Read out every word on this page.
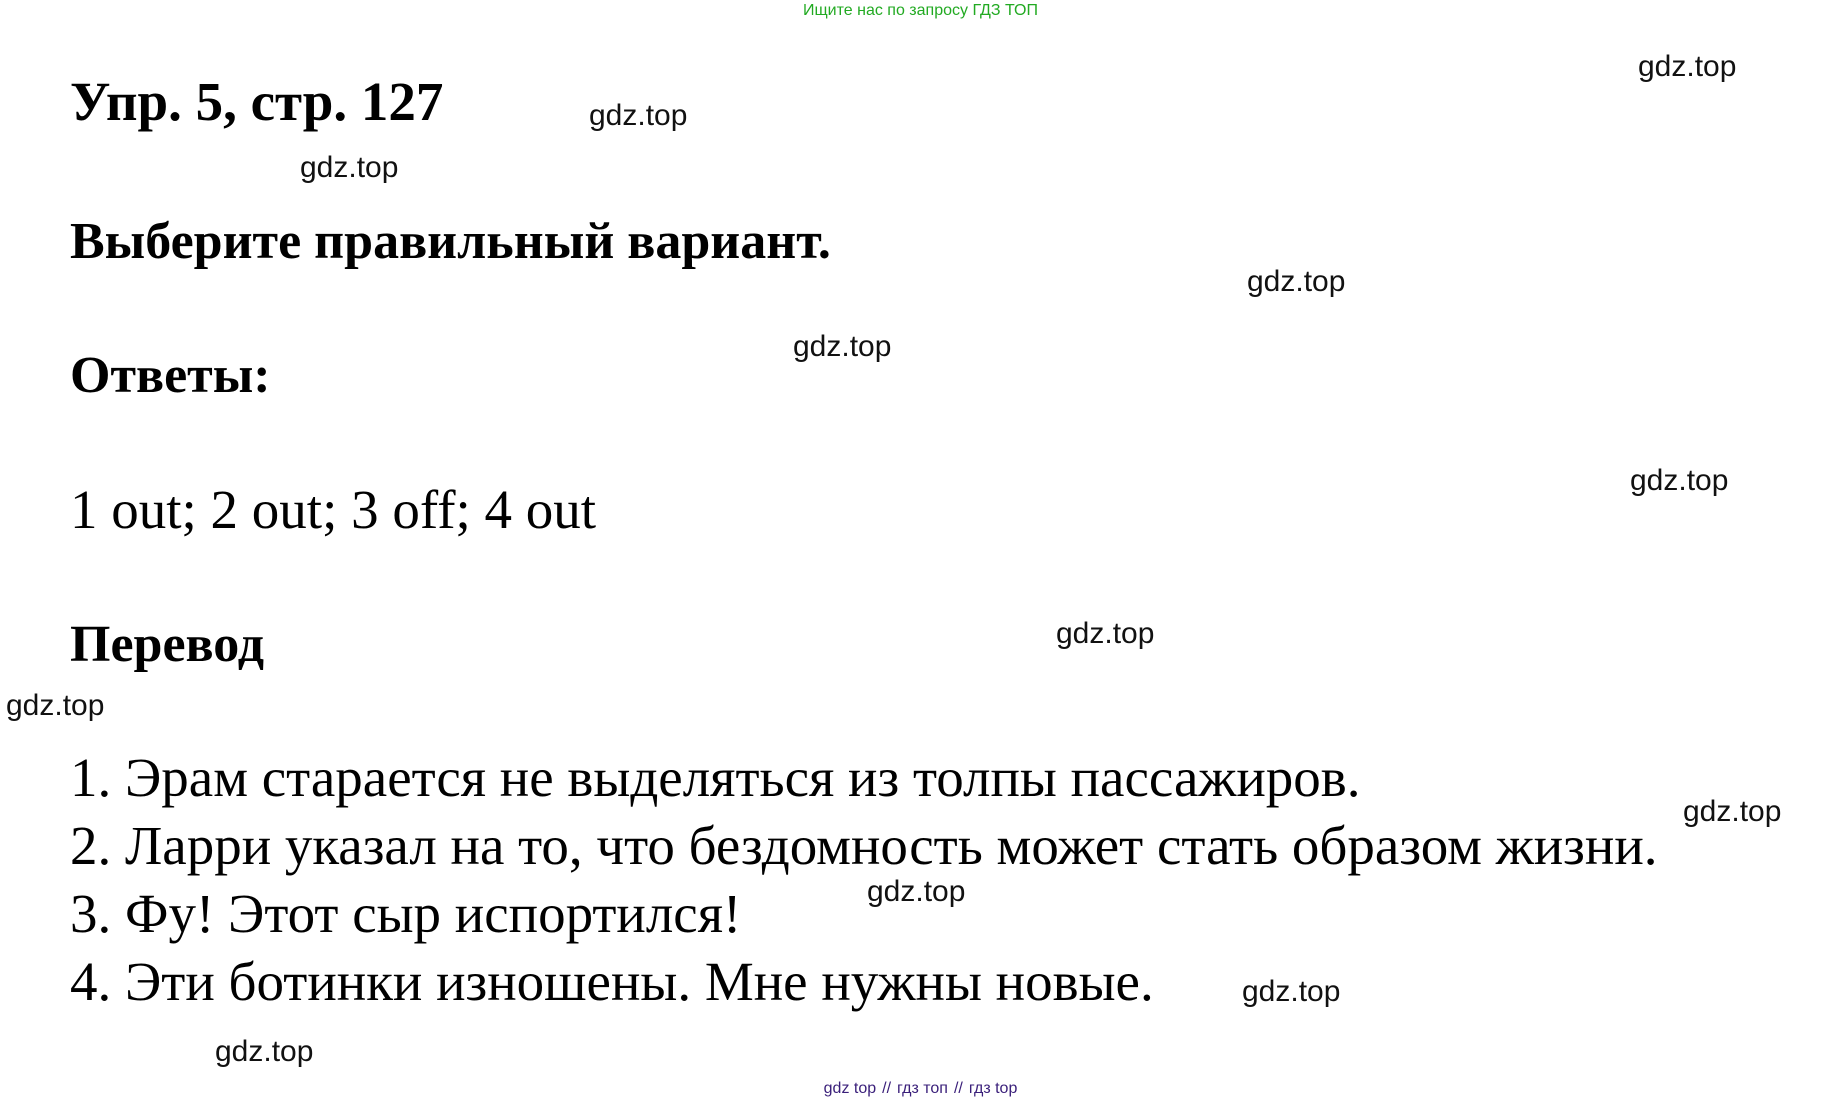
Ищите нас по запросу ГДЗ ТОП
Упр. 5, стр. 127
Выберите правильный вариант.
Ответы:
1 out; 2 out; 3 off; 4 out
Перевод
1. Эрам старается не выделяться из толпы пассажиров.
2. Ларри указал на то, что бездомность может стать образом жизни.
3. Фу! Этот сыр испортился!
4. Эти ботинки изношены. Мне нужны новые.
gdz.top
gdz.top
gdz.top
gdz.top
gdz.top
gdz.top
gdz.top
gdz.top
gdz.top
gdz.top
gdz.top
gdz.top
gdz top // гдз топ // гдз top
